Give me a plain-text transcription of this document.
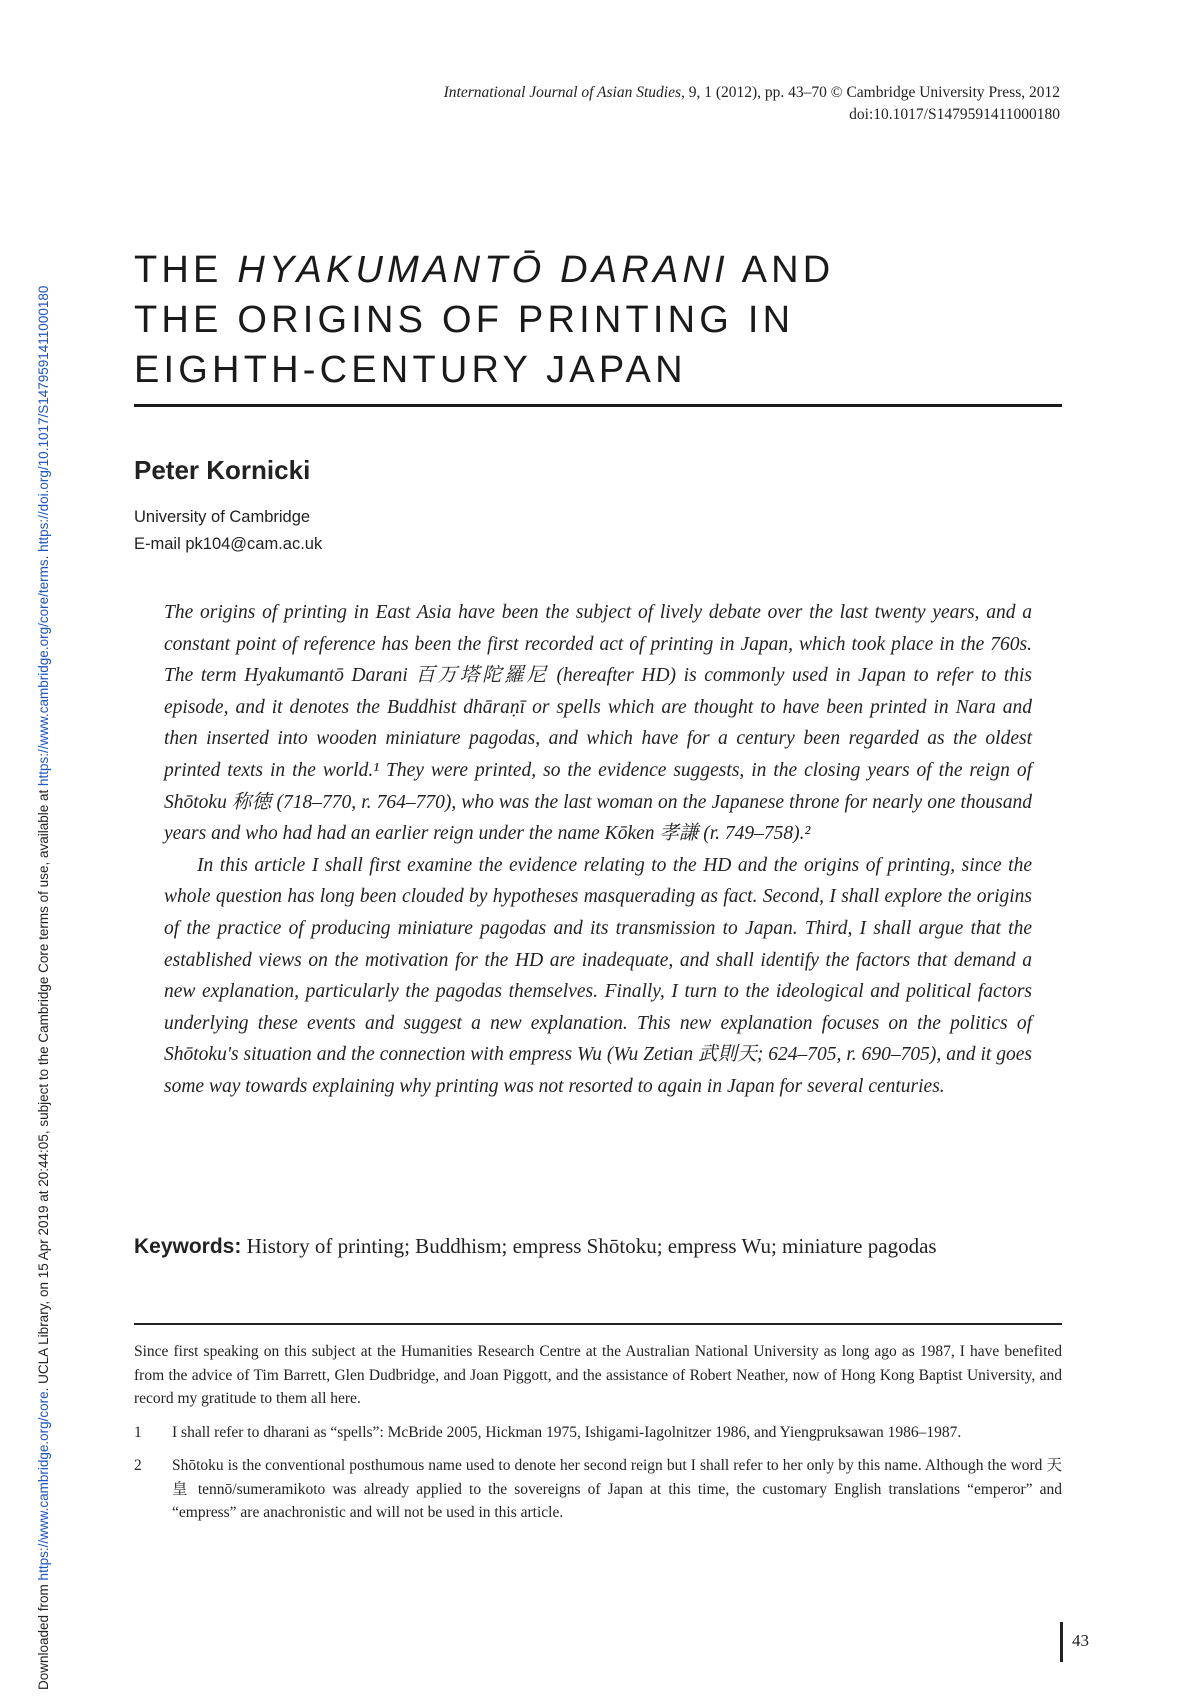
Downloaded from https://www.cambridge.org/core. UCLA Library, on 15 Apr 2019 at 20:44:05, subject to the Cambridge Core terms of use, available at https://www.cambridge.org/core/terms. https://doi.org/10.1017/S1479591411000180
International Journal of Asian Studies, 9, 1 (2012), pp. 43–70 © Cambridge University Press, 2012
doi:10.1017/S1479591411000180
THE HYAKUMANTŌ DARANI AND
THE ORIGINS OF PRINTING IN
EIGHTH-CENTURY JAPAN
Peter Kornicki
University of Cambridge
E-mail pk104@cam.ac.uk

The origins of printing in East Asia have been the subject of lively debate over the last twenty years, and a constant point of reference has been the first recorded act of printing in Japan, which took place in the 760s. The term Hyakumantō Darani 百万塔陀羅尼 (hereafter HD) is commonly used in Japan to refer to this episode, and it denotes the Buddhist dhāraṇī or spells which are thought to have been printed in Nara and then inserted into wooden miniature pagodas, and which have for a century been regarded as the oldest printed texts in the world.¹ They were printed, so the evidence suggests, in the closing years of the reign of Shōtoku 称徳 (718–770, r. 764–770), who was the last woman on the Japanese throne for nearly one thousand years and who had had an earlier reign under the name Kōken 孝謙 (r. 749–758).²

In this article I shall first examine the evidence relating to the HD and the origins of printing, since the whole question has long been clouded by hypotheses masquerading as fact. Second, I shall explore the origins of the practice of producing miniature pagodas and its transmission to Japan. Third, I shall argue that the established views on the motivation for the HD are inadequate, and shall identify the factors that demand a new explanation, particularly the pagodas themselves. Finally, I turn to the ideological and political factors underlying these events and suggest a new explanation. This new explanation focuses on the politics of Shōtoku's situation and the connection with empress Wu (Wu Zetian 武則天; 624–705, r. 690–705), and it goes some way towards explaining why printing was not resorted to again in Japan for several centuries.

Keywords: History of printing; Buddhism; empress Shōtoku; empress Wu; miniature pagodas
Since first speaking on this subject at the Humanities Research Centre at the Australian National University as long ago as 1987, I have benefited from the advice of Tim Barrett, Glen Dudbridge, and Joan Piggott, and the assistance of Robert Neather, now of Hong Kong Baptist University, and record my gratitude to them all here.
1	I shall refer to dharani as “spells”: McBride 2005, Hickman 1975, Ishigami-Iagolnitzer 1986, and Yiengpruksawan 1986–1987.
2	Shōtoku is the conventional posthumous name used to denote her second reign but I shall refer to her only by this name. Although the word 天皇 tennō/sumeramikoto was already applied to the sovereigns of Japan at this time, the customary English translations “emperor” and “empress” are anachronistic and will not be used in this article.
43
